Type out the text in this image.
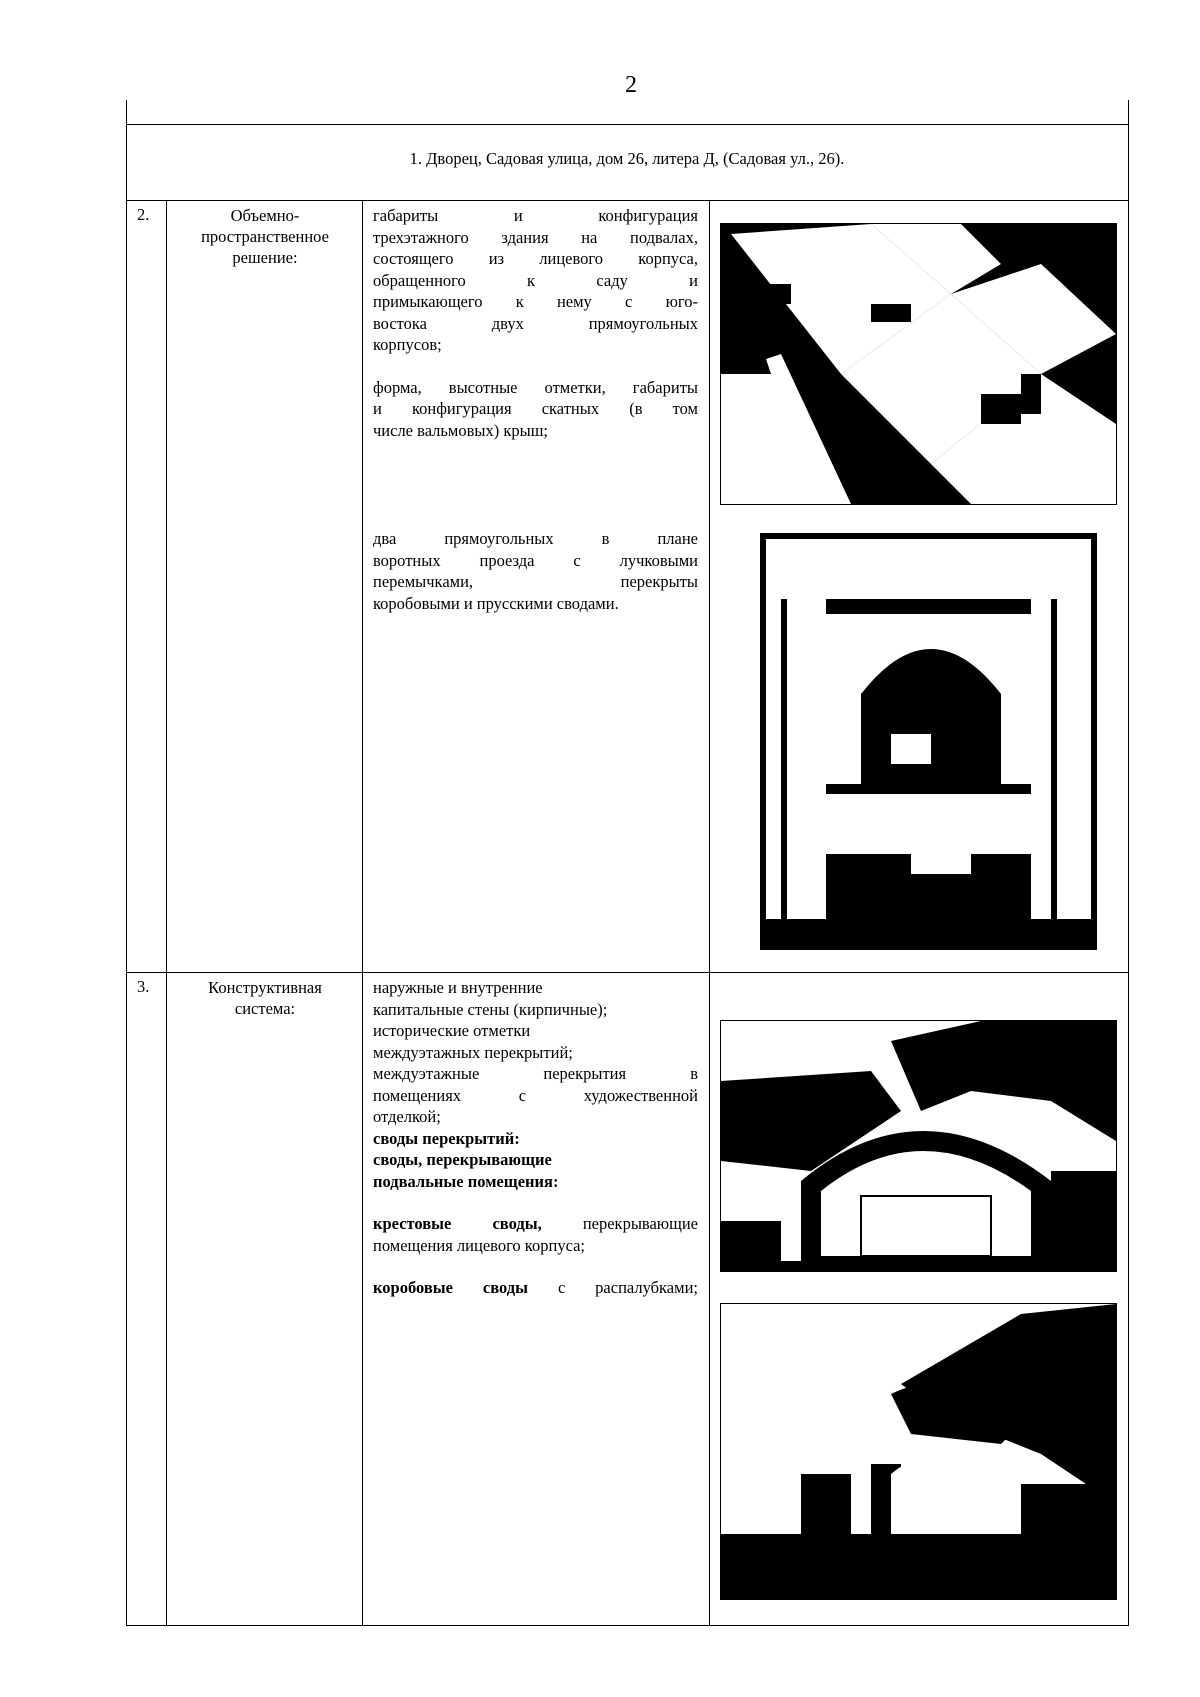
2
1. Дворец, Садовая улица, дом 26, литера Д, (Садовая ул., 26).
2.	Объемно-
пространственное
решение:

габариты и конфигурация

трехэтажного здания на подвалах,

состоящего из лицевого корпуса,

обращенного к саду и

примыкающего к нему с юго-

востока двух прямоугольных

корпусов;

форма, высотные отметки, габариты

и конфигурация скатных (в том

числе вальмовых) крыш;

два прямоугольных в плане

воротных проезда с лучковыми

перемычками, перекрыты

коробовыми и прусскими сводами.

3.	Конструктивная
система:

наружные и внутренние

капитальные стены (кирпичные);

исторические отметки

междуэтажных перекрытий;

междуэтажные перекрытия в

помещениях с художественной

отделкой;

своды перекрытий:

своды, перекрывающие

подвальные помещения:

крестовые своды, перекрывающие

помещения лицевого корпуса;

коробовые своды с распалубками;
